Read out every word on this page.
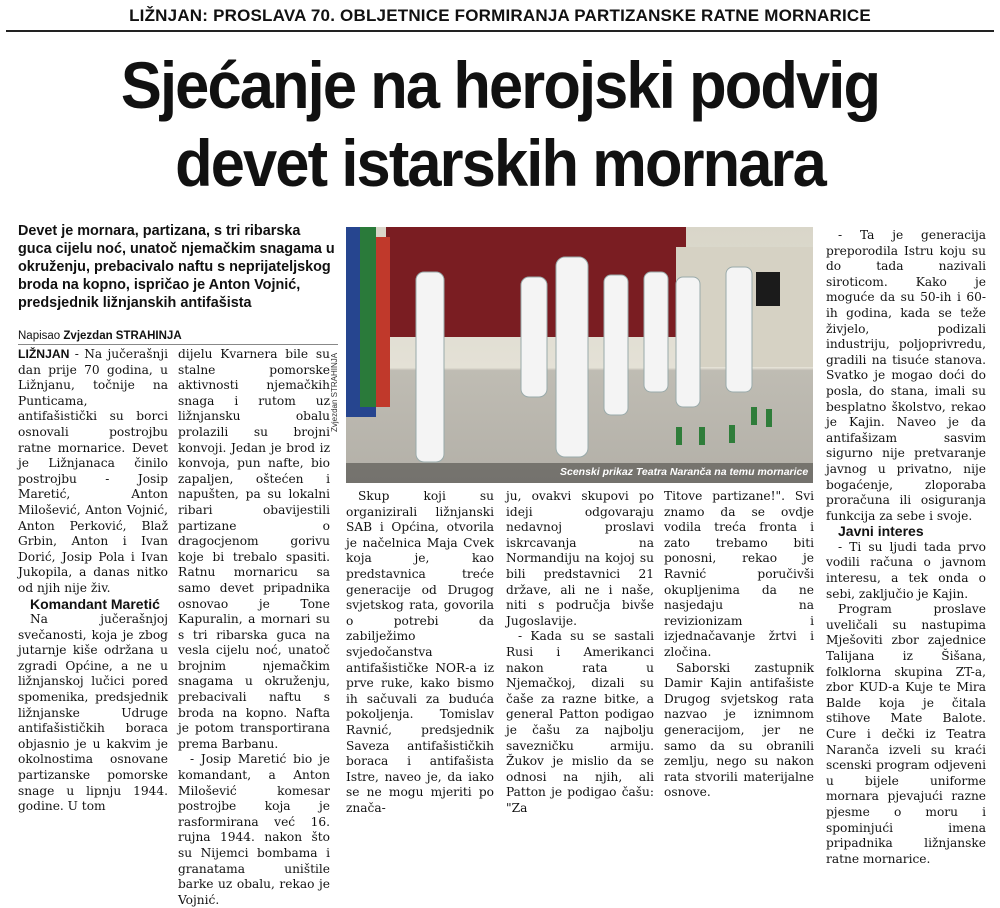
LIŽNJAN: PROSLAVA 70. OBLJETNICE FORMIRANJA PARTIZANSKE RATNE MORNARICE
Sjećanje na herojski podvig
devet istarskih mornara
Devet je mornara, partizana, s tri ribarska guca cijelu noć, unatoč njemačkim snagama u okruženju, prebacivalo naftu s neprijateljskog broda na kopno, ispričao je Anton Vojnić, predsjednik ližnjanskih antifašista
Napisao Zvjezdan STRAHINJA

LIŽNJAN - Na jučerašnji dan prije 70 godina, u Ližnjanu, točnije na Punticama, antifašistički su borci osnovali postrojbu ratne mornarice. Devet je Ližnjanaca činilo postrojbu - Josip Maretić, Anton Milošević, Anton Vojnić, Anton Perković, Blaž Grbin, Anton i Ivan Dorić, Josip Pola i Ivan Jukopila, a danas nitko od njih nije živ.

Komandant Maretić

Na jučerašnjoj svečanosti, koja je zbog jutarnje kiše održana u zgradi Općine, a ne u ližnjanskoj lučici pored spomenika, predsjednik ližnjanske Udruge antifašističkih boraca objasnio je u kakvim je okolnostima osnovane partizanske pomorske snage u lipnju 1944. godine. U tom

dijelu Kvarnera bile su stalne pomorske aktivnosti njemačkih snaga i rutom uz ližnjansku obalu prolazili su brojni konvoji. Jedan je brod iz konvoja, pun nafte, bio zapaljen, oštećen i napušten, pa su lokalni ribari obavijestili partizane o dragocjenom gorivu koje bi trebalo spasiti. Ratnu mornaricu sa samo devet pripadnika osnovao je Tone Kapuralin, a mornari su s tri ribarska guca na vesla cijelu noć, unatoč brojnim njemačkim snagama u okruženju, prebacivali naftu s broda na kopno. Nafta je potom transportirana prema Barbanu.

- Josip Maretić bio je komandant, a Anton Milošević komesar postrojbe koja je rasformirana već 16. rujna 1944. nakon što su Nijemci bombama i granatama uništile barke uz obalu, rekao je Vojnić.

Zvjezdan STRAHINJA
Scenski prikaz Teatra Naranča na temu mornarice

Skup koji su organizirali ližnjanski SAB i Općina, otvorila je načelnica Maja Cvek koja je, kao predstavnica treće generacije od Drugog svjetskog rata, govorila o potrebi da zabilježimo svjedočanstva antifašističke NOR-a iz prve ruke, kako bismo ih sačuvali za buduća pokoljenja. Tomislav Ravnić, predsjednik Saveza antifašističkih boraca i antifašista Istre, naveo je, da iako se ne mogu mjeriti po znača-

ju, ovakvi skupovi po ideji odgovaraju nedavnoj proslavi iskrcavanja na Normandiju na kojoj su bili predstavnici 21 države, ali ne i naše, niti s područja bivše Jugoslavije.

- Kada su se sastali Rusi i Amerikanci nakon rata u Njemačkoj, dizali su čaše za razne bitke, a general Patton podigao je čašu za najbolju savezničku armiju. Žukov je mislio da se odnosi na njih, ali Patton je podigao čašu: "Za

Titove partizane!". Svi znamo da se ovdje vodila treća fronta i zato trebamo biti ponosni, rekao je Ravnić poručivši okupljenima da ne nasjedaju na revizionizam i izjednačavanje žrtvi i zločina.

Saborski zastupnik Damir Kajin antifašiste Drugog svjetskog rata nazvao je iznimnom generacijom, jer ne samo da su obranili zemlju, nego su nakon rata stvorili materijalne osnove.

- Ta je generacija preporodila Istru koju su do tada nazivali siroticom. Kako je moguće da su 50-ih i 60-ih godina, kada se teže živjelo, podizali industriju, poljoprivredu, gradili na tisuće stanova. Svatko je mogao doći do posla, do stana, imali su besplatno školstvo, rekao je Kajin. Naveo je da antifašizam sasvim sigurno nije pretvaranje javnog u privatno, nije bogaćenje, zloporaba proračuna ili osiguranja funkcija za sebe i svoje.

Javni interes

- Ti su ljudi tada prvo vodili računa o javnom interesu, a tek onda o sebi, zaključio je Kajin.

Program proslave uveličali su nastupima Mješoviti zbor zajednice Talijana iz Šišana, folklorna skupina ZT-a, zbor KUD-a Kuje te Mira Balde koja je čitala stihove Mate Balote. Cure i dečki iz Teatra Naranča izveli su kraći scenski program odjeveni u bijele uniforme mornara pjevajući razne pjesme o moru i spominjući imena pripadnika ližnjanske ratne mornarice.
